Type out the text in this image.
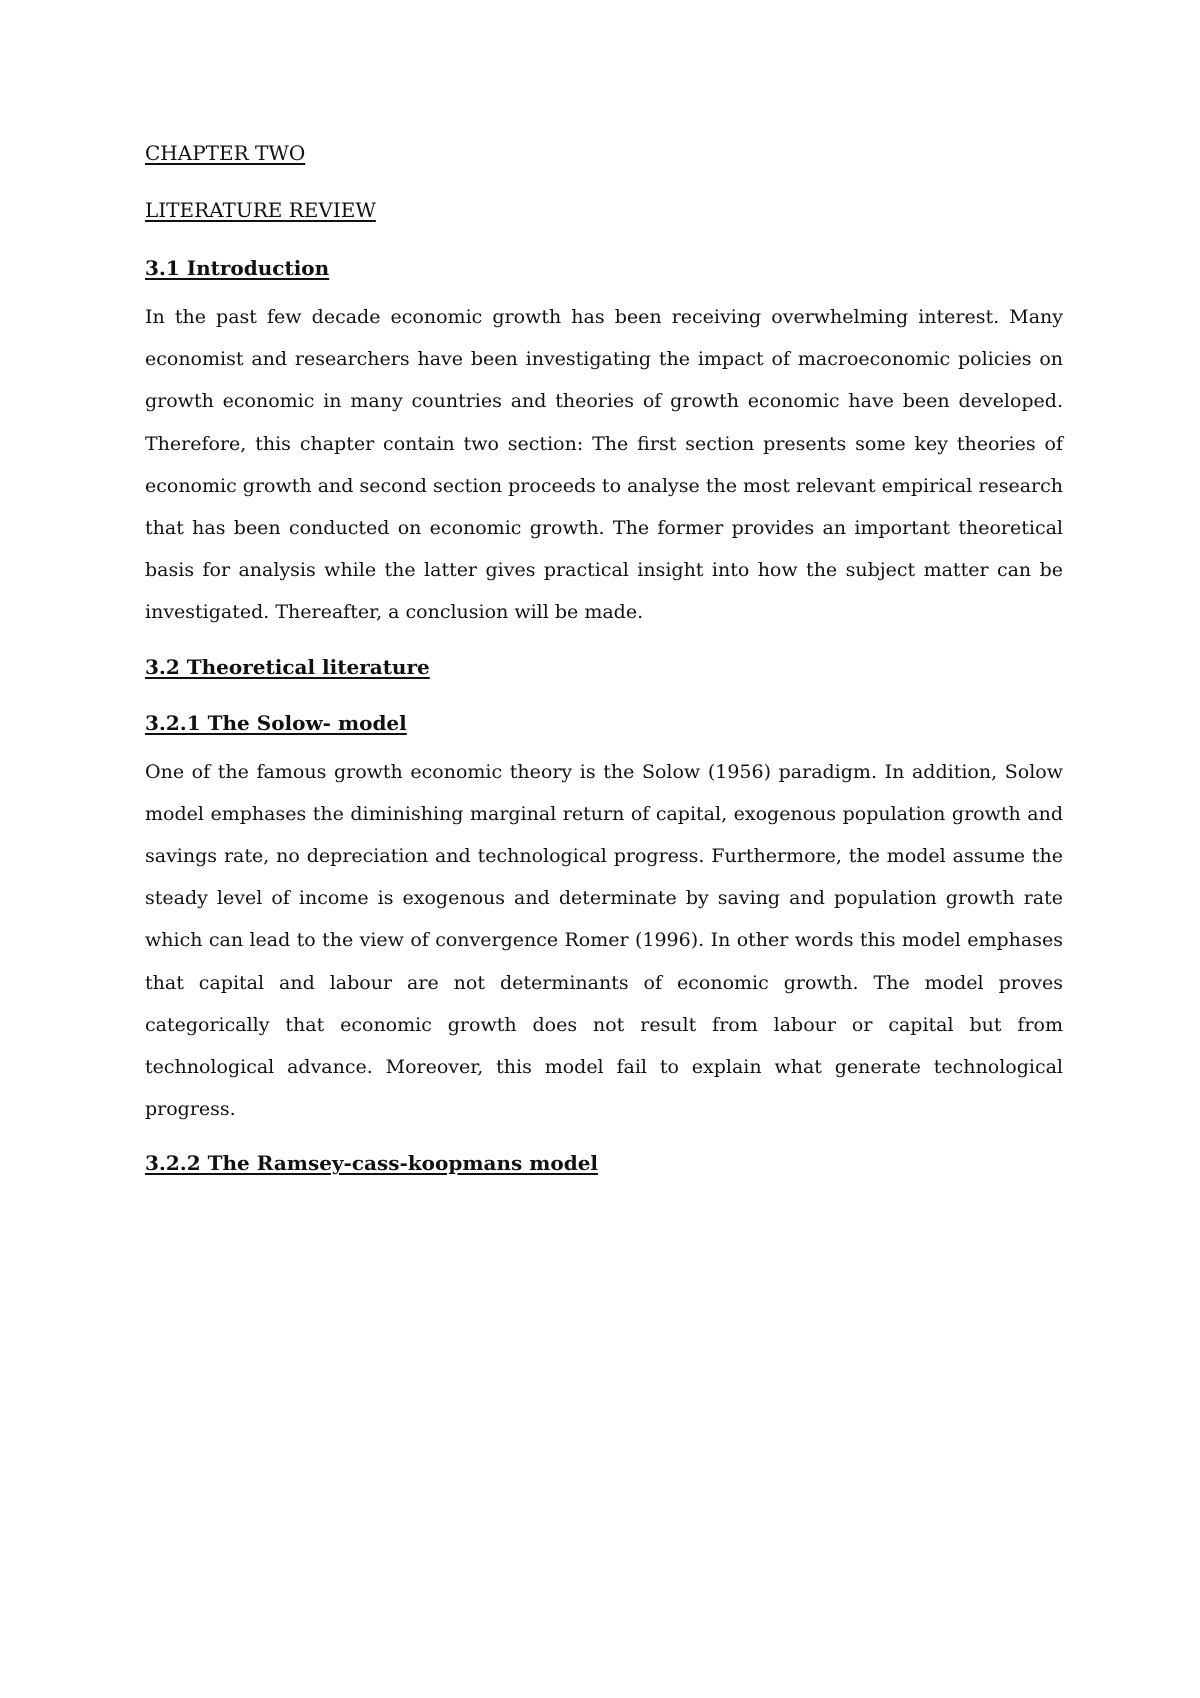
CHAPTER TWO

LITERATURE REVIEW

3.1 Introduction

In the past few decade economic growth has been receiving overwhelming interest. Many economist and researchers have been investigating the impact of macroeconomic policies on growth economic in many countries and theories of growth economic have been developed. Therefore, this chapter contain two section: The first section presents some key theories of economic growth and second section proceeds to analyse the most relevant empirical research that has been conducted on economic growth. The former provides an important theoretical basis for analysis while the latter gives practical insight into how the subject matter can be investigated. Thereafter, a conclusion will be made.

3.2 Theoretical literature

3.2.1 The Solow- model

One of the famous growth economic theory is the Solow (1956) paradigm. In addition, Solow model emphases the diminishing marginal return of capital, exogenous population growth and savings rate, no depreciation and technological progress. Furthermore, the model assume the steady level of income is exogenous and determinate by saving and population growth rate which can lead to the view of convergence Romer (1996). In other words this model emphases that capital and labour are not determinants of economic growth. The model proves categorically that economic growth does not result from labour or capital but from technological advance. Moreover, this model fail to explain what generate technological progress.

3.2.2 The Ramsey-cass-koopmans model
